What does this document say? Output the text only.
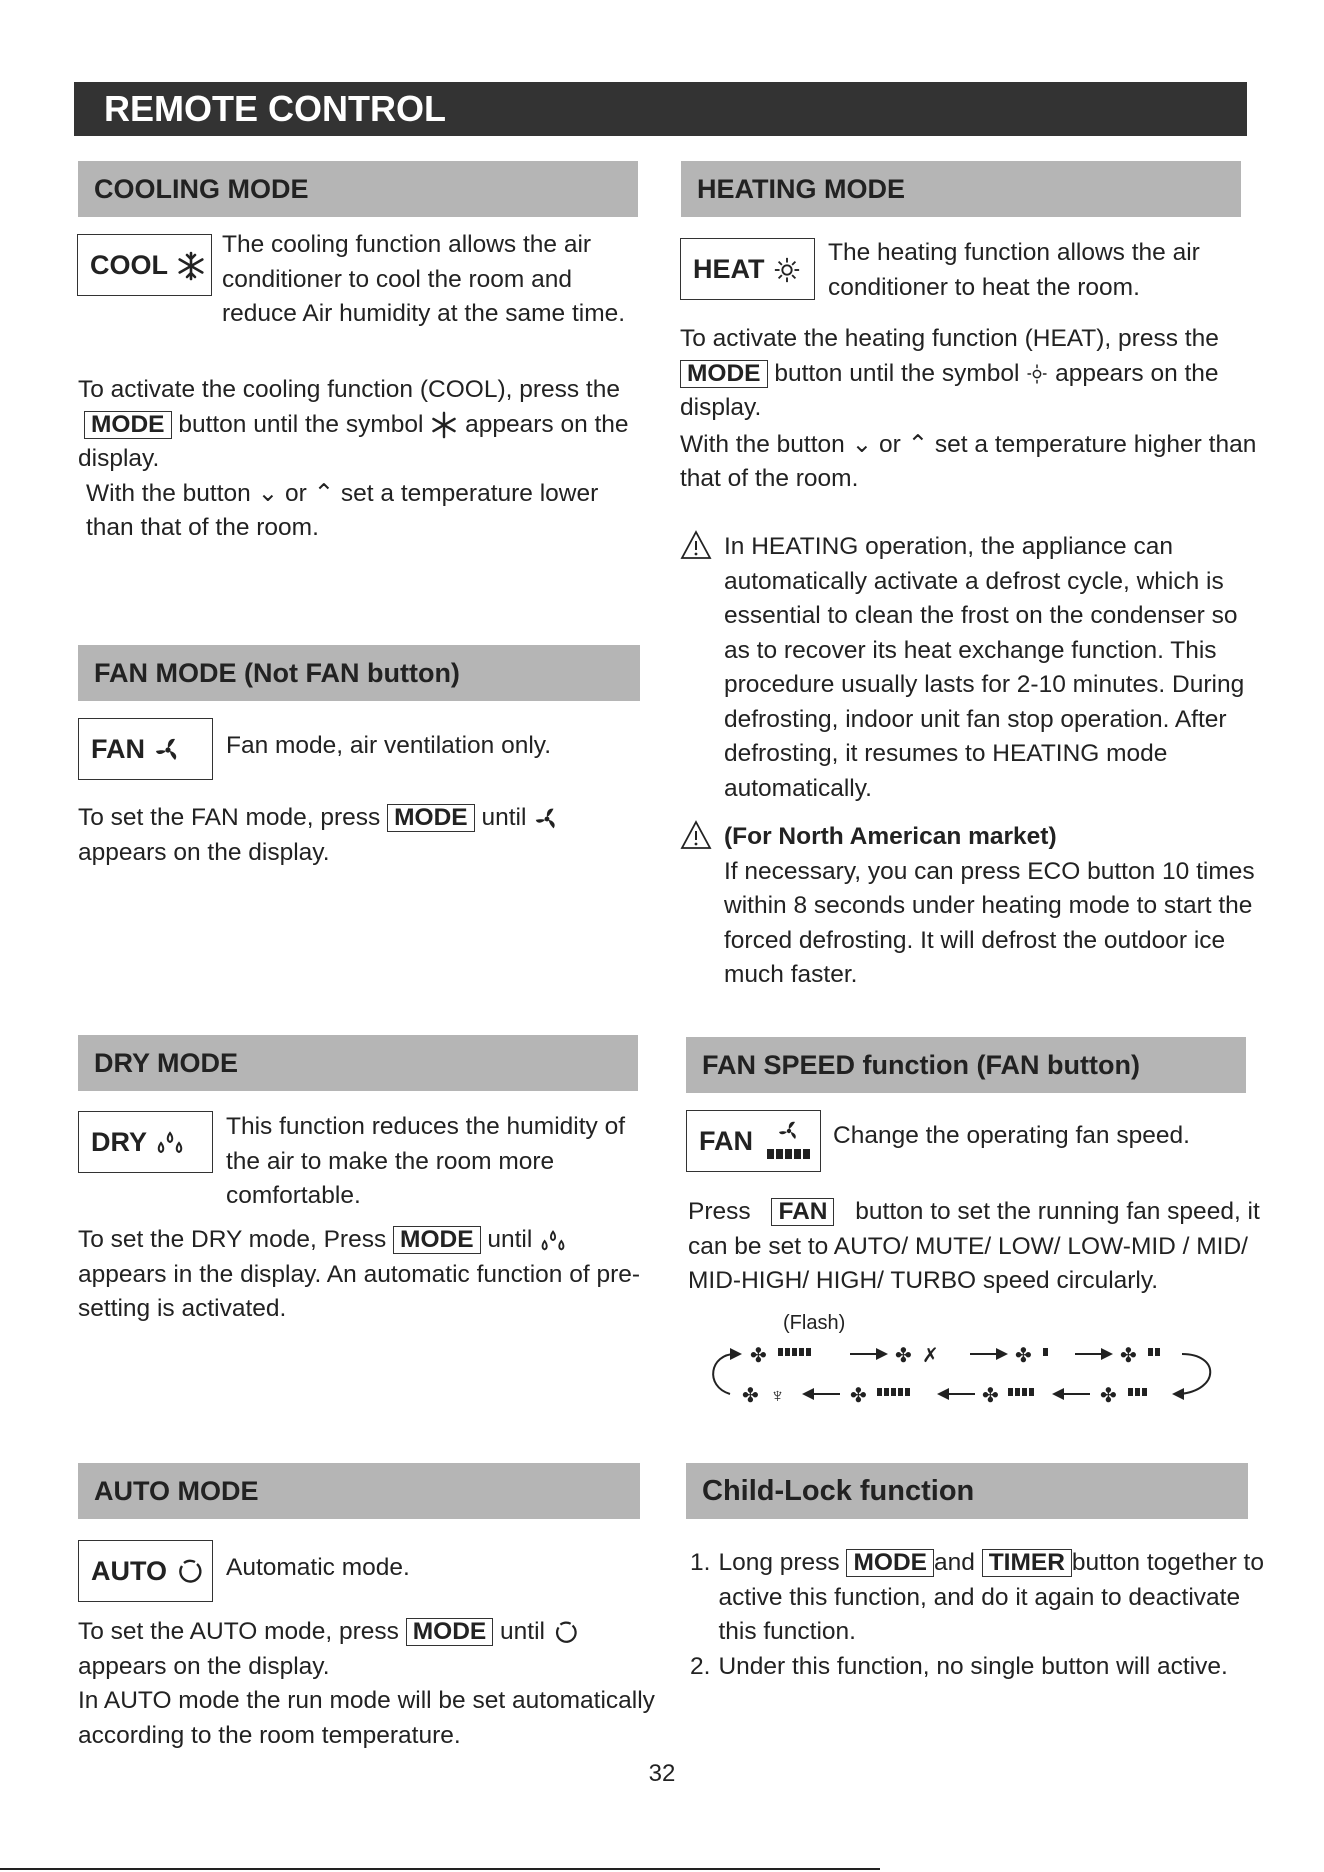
REMOTE CONTROL
COOLING MODE
COOL
The cooling function allows the air conditioner to cool the room and reduce Air humidity at the same time.

To activate the cooling function (COOL), press the
MODE button until the symbol appears on the display.

With the button ⌄ or ⌃ set a temperature lower than that of the room.

HEATING MODE
HEAT
The heating function allows the air conditioner to heat the room.

To activate the heating function (HEAT), press the
MODE button until the symbol appears on the display.

With the button ⌄ or ⌃ set a temperature higher than that of the room.

In HEATING operation, the appliance can automatically activate a defrost cycle, which is essential to clean the frost on the condenser so as to recover its heat exchange function. This procedure usually lasts for 2-10 minutes. During defrosting, indoor unit fan stop operation. After defrosting, it resumes to HEATING mode automatically.
(For North American market)
If necessary, you can press ECO button 10 times within 8 seconds under heating mode to start the forced defrosting. It will defrost the outdoor ice much faster.
FAN MODE (Not FAN button)
FAN	Fan mode, air ventilation only.
To set the FAN mode, press MODE until
appears on the display.
DRY MODE
DRY	This function reduces the humidity of the air to make the room more comfortable.
To set the DRY mode, Press MODE until
appears in the display. An automatic function of pre-setting is activated.
FAN SPEED function (FAN button)
FAN	Change the operating fan speed.
Press FAN button to set the running fan speed, it can be set to AUTO/ MUTE/ LOW/ LOW-MID / MID/ MID-HIGH/ HIGH/ TURBO speed circularly.
(Flash)
✤	✤ ✗	✤	✤
✤ ♆	✤	✤	✤
AUTO MODE
AUTO Automatic mode.

To set the AUTO mode, press MODE until
appears on the display.

In AUTO mode the run mode will be set automatically according to the room temperature.

Child-Lock function
1. Long press MODE and TIMER button together to active this function, and do it again to deactivate this function.
2. Under this function, no single button will active.
32
